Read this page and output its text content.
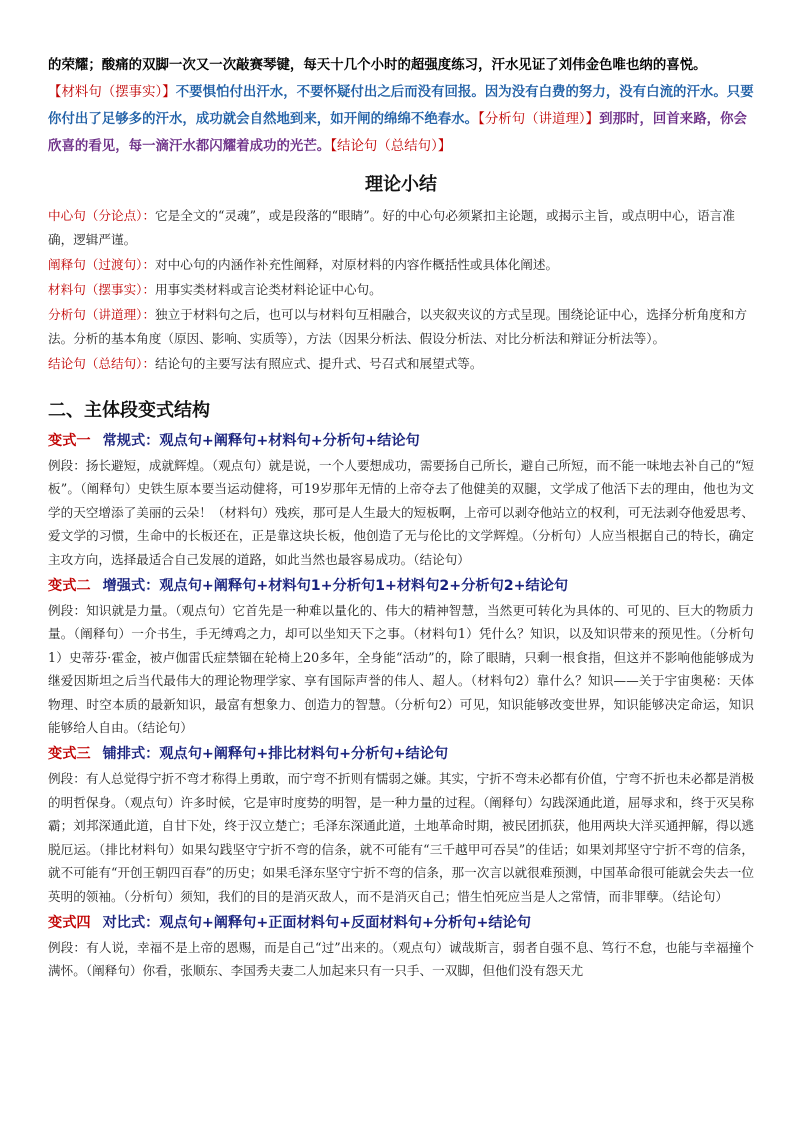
的荣耀；酸痛的双脚一次又一次敲赛琴键，每天十几个小时的超强度练习，汗水见证了刘伟金色唯也纳的喜悦。
【材料句（摆事实）】不要惧怕付出汗水，不要怀疑付出之后而没有回报。因为没有白费的努力，没有白流的汗水。只要你付出了足够多的汗水，成功就会自然地到来，如开闸的绵绵不绝春水。【分析句（讲道理）】到那时，回首来路，你会欣喜的看见，每一滴汗水都闪耀着成功的光芒。【结论句（总结句）】
理论小结

中心句（分论点）：它是全文的“灵魂”，或是段落的“眼睛”。好的中心句必须紧扣主论题，或揭示主旨，或点明中心，语言准确，逻辑严谨。

阐释句（过渡句）：对中心句的内涵作补充性阐释，对原材料的内容作概括性或具体化阐述。

材料句（摆事实）：用事实类材料或言论类材料论证中心句。

分析句（讲道理）：独立于材料句之后，也可以与材料句互相融合，以夹叙夹议的方式呈现。围绕论证中心，选择分析角度和方法。分析的基本角度（原因、影响、实质等），方法（因果分析法、假设分析法、对比分析法和辩证分析法等）。

结论句（总结句）：结论句的主要写法有照应式、提升式、号召式和展望式等。

二、主体段变式结构
变式一 常规式：观点句+阐释句+材料句+分析句+结论句
例段：扬长避短，成就辉煌。（观点句）就是说，一个人要想成功，需要扬自己所长，避自己所短，而不能一味地去补自己的“短板”。（阐释句）史铁生原本要当运动健将，可19岁那年无情的上帝夺去了他健美的双腿，文学成了他活下去的理由，他也为文学的天空增添了美丽的云朵！（材料句）残疾，那可是人生最大的短板啊，上帝可以剥夺他站立的权利，可无法剥夺他爱思考、爱文学的习惯，生命中的长板还在，正是靠这块长板，他创造了无与伦比的文学辉煌。（分析句）人应当根据自己的特长，确定主攻方向，选择最适合自己发展的道路，如此当然也最容易成功。（结论句）
变式二 增强式：观点句+阐释句+材料句1+分析句1+材料句2+分析句2+结论句
例段：知识就是力量。（观点句）它首先是一种难以量化的、伟大的精神智慧，当然更可转化为具体的、可见的、巨大的物质力量。（阐释句）一介书生，手无缚鸡之力，却可以坐知天下之事。（材料句1）凭什么？知识，以及知识带来的预见性。（分析句1）史蒂芬·霍金，被卢伽雷氏症禁锢在轮椅上20多年，全身能“活动”的，除了眼睛，只剩一根食指，但这并不影响他能够成为继爱因斯坦之后当代最伟大的理论物理学家、享有国际声誉的伟人、超人。（材料句2）靠什么？知识——关于宇宙奥秘：天体物理、时空本质的最新知识，最富有想象力、创造力的智慧。（分析句2）可见，知识能够改变世界，知识能够决定命运，知识能够给人自由。（结论句）
变式三 铺排式：观点句+阐释句+排比材料句+分析句+结论句
例段：有人总觉得宁折不弯才称得上勇敢，而宁弯不折则有懦弱之嫌。其实，宁折不弯未必都有价值，宁弯不折也未必都是消极的明哲保身。（观点句）许多时候，它是审时度势的明智，是一种力量的过程。（阐释句）勾践深通此道，屈辱求和，终于灭吴称霸；刘邦深通此道，自甘下处，终于汉立楚亡；毛泽东深通此道，土地革命时期，被民团抓获，他用两块大洋买通押解，得以逃脱厄运。（排比材料句）如果勾践坚守宁折不弯的信条，就不可能有“三千越甲可吞吴”的佳话；如果刘邦坚守宁折不弯的信条，就不可能有“开创王朝四百春”的历史；如果毛泽东坚守宁折不弯的信条，那一次言以就很难预测，中国革命很可能就会失去一位英明的领袖。（分析句）须知，我们的目的是消灭敌人，而不是消灭自己；惜生怕死应当是人之常情，而非罪孽。（结论句）
变式四 对比式：观点句+阐释句+正面材料句+反面材料句+分析句+结论句
例段：有人说，幸福不是上帝的恩赐，而是自己“过”出来的。（观点句）诚哉斯言，弱者自强不息、笃行不怠，也能与幸福撞个满怀。（阐释句）你看，张顺东、李国秀夫妻二人加起来只有一只手、一双脚，但他们没有怨天尤
